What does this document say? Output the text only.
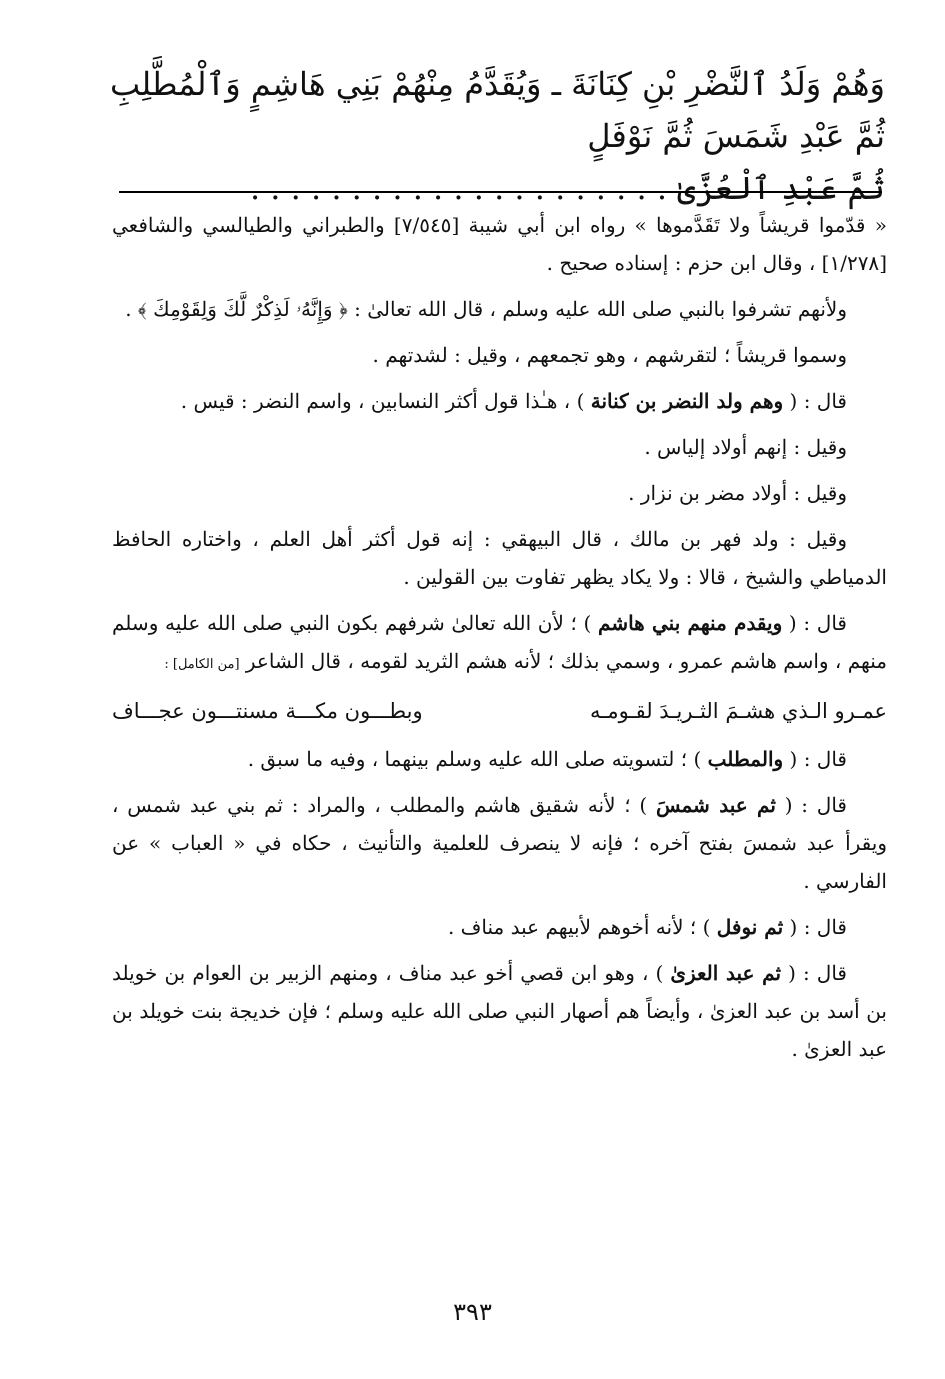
وَهُمْ وَلَدُ ٱلنَّضْرِ بْنِ كِنَانَةَ ـ وَيُقَدَّمُ مِنْهُمْ بَنِي هَاشِمٍ وَٱلْمُطَّلِبِ ثُمَّ عَبْدِ شَمَسَ ثُمَّ نَوْفَلٍ
ثُمَّ عَبْدِ ٱلْعُزَّىٰ . . . . . . . . . . . . . . . . . . . . .

« قدّموا قريشاً ولا تَقَدَّموها » رواه ابن أبي شيبة [٧/٥٤٥] والطبراني والطيالسي والشافعي [١/٢٧٨] ، وقال ابن حزم : إسناده صحيح .

ولأنهم تشرفوا بالنبي صلى الله عليه وسلم ، قال الله تعالىٰ : ﴿ وَإِنَّهُۥ لَذِكْرٌ لَّكَ وَلِقَوْمِكَ ﴾ .

وسموا قريشاً ؛ لتقرشهم ، وهو تجمعهم ، وقيل : لشدتهم .

قال : ( وهم ولد النضر بن كنانة ) ، هـٰذا قول أكثر النسابين ، واسم النضر : قيس .

وقيل : إنهم أولاد إلياس .

وقيل : أولاد مضر بن نزار .

وقيل : ولد فهر بن مالك ، قال البيهقي : إنه قول أكثر أهل العلم ، واختاره الحافظ الدمياطي والشيخ ، قالا : ولا يكاد يظهر تفاوت بين القولين .

قال : ( ويقدم منهم بني هاشم ) ؛ لأن الله تعالىٰ شرفهم بكون النبي صلى الله عليه وسلم منهم ، واسم هاشم عمرو ، وسمي بذلك ؛ لأنه هشم الثريد لقومه ، قال الشاعر [من الكامل] :

عمـرو الـذي هشـمَ الثـريـدَ لقـومـه
وبطـــون مكـــة مسنتـــون عجـــاف

قال : ( والمطلب ) ؛ لتسويته صلى الله عليه وسلم بينهما ، وفيه ما سبق .

قال : ( ثم عبد شمسَ ) ؛ لأنه شقيق هاشم والمطلب ، والمراد : ثم بني عبد شمس ، ويقرأ عبد شمسَ بفتح آخره ؛ فإنه لا ينصرف للعلمية والتأنيث ، حكاه في « العباب » عن الفارسي .

قال : ( ثم نوفل ) ؛ لأنه أخوهم لأبيهم عبد مناف .

قال : ( ثم عبد العزىٰ ) ، وهو ابن قصي أخو عبد مناف ، ومنهم الزبير بن العوام بن خويلد بن أسد بن عبد العزىٰ ، وأيضاً هم أصهار النبي صلى الله عليه وسلم ؛ فإن خديجة بنت خويلد بن عبد العزىٰ .

٣٩٣
